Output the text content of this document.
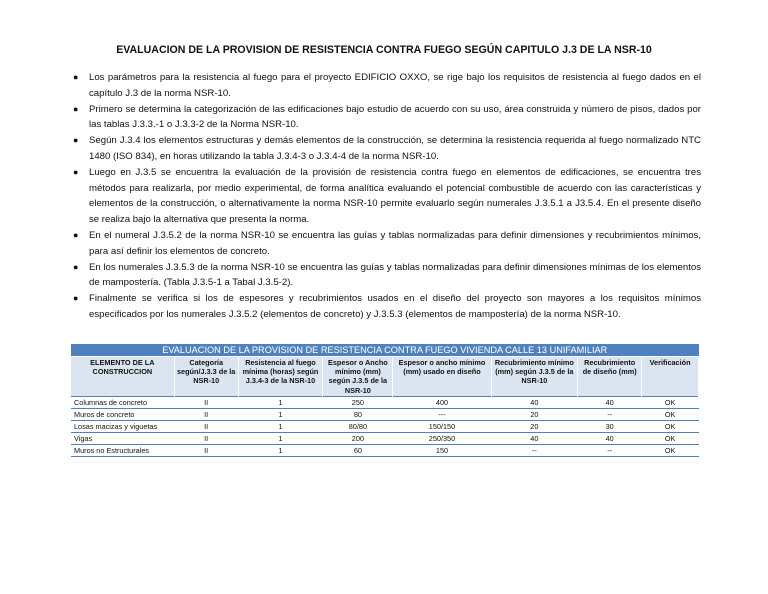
EVALUACION DE LA PROVISION DE RESISTENCIA CONTRA FUEGO SEGÚN CAPITULO J.3 DE LA NSR-10
● Los parámetros para la resistencia al fuego para el proyecto EDIFICIO OXXO, se rige bajo los requisitos de resistencia al fuego dados en el capítulo J.3 de la norma NSR-10.
● Primero se determina la categorización de las edificaciones bajo estudio de acuerdo con su uso, área construida y número de pisos, dados por las tablas J.3.3.-1 o J.3.3-2 de la Norma NSR-10.
● Según J.3.4 los elementos estructuras y demás elementos de la construcción, se determina la resistencia requerida al fuego normalizado NTC 1480 (ISO 834), en horas utilizando la tabla J.3.4-3 o J.3.4-4 de la norma NSR-10.
● Luego en J.3.5 se encuentra la evaluación de la provisión de resistencia contra fuego en elementos de edificaciones, se encuentra tres métodos para realizarla, por medio experimental, de forma analítica evaluando el potencial combustible de acuerdo con las características y elementos de la construcción, o alternativamente la norma NSR-10 permite evaluarlo según numerales J.3.5.1 a J3.5.4. En el presente diseño se realiza bajo la alternativa que presenta la norma.
● En el numeral J.3.5.2 de la norma NSR-10 se encuentra las guías y tablas normalizadas para definir dimensiones y recubrimientos mínimos, para así definir los elementos de concreto.
● En los numerales J.3.5.3 de la norma NSR-10 se encuentra las guías y tablas normalizadas para definir dimensiones mínimas de los elementos de mampostería. (Tabla J.3.5-1 a Tabal J.3.5-2).
● Finalmente se verifica si los de espesores y recubrimientos usados en el diseño del proyecto son mayores a los requisitos mínimos especificados por los numerales J.3.5.2 (elementos de concreto) y J.3.5.3 (elementos de mampostería) de la norma NSR-10.
EVALUACION DE LA PROVISION DE RESISTENCIA CONTRA FUEGO VIVIENDA CALLE 13 UNIFAMILIAR							
ELEMENTO DE LA CONSTRUCCION	Categoría según/J.3.3 de la NSR-10	Resistencia al fuego mínima (horas) según J.3.4-3 de la NSR-10	Espesor o Ancho mínimo (mm) según J.3.5 de la NSR-10	Espesor o ancho mínimo (mm) usado en diseño	Recubrimiento mínimo (mm) según J.3.5 de la NSR-10	Recubrimiento de diseño (mm)	Verificación
Columnas de concreto	II	1	250	400	40	40	OK
Muros de concreto	II	1	80	---	20	--	OK
Losas macizas y viguetas	II	1	80/80	150/150	20	30	OK
Vigas	II	1	200	250/350	40	40	OK
Muros no Estructurales	II	1	60	150	--	--	OK
